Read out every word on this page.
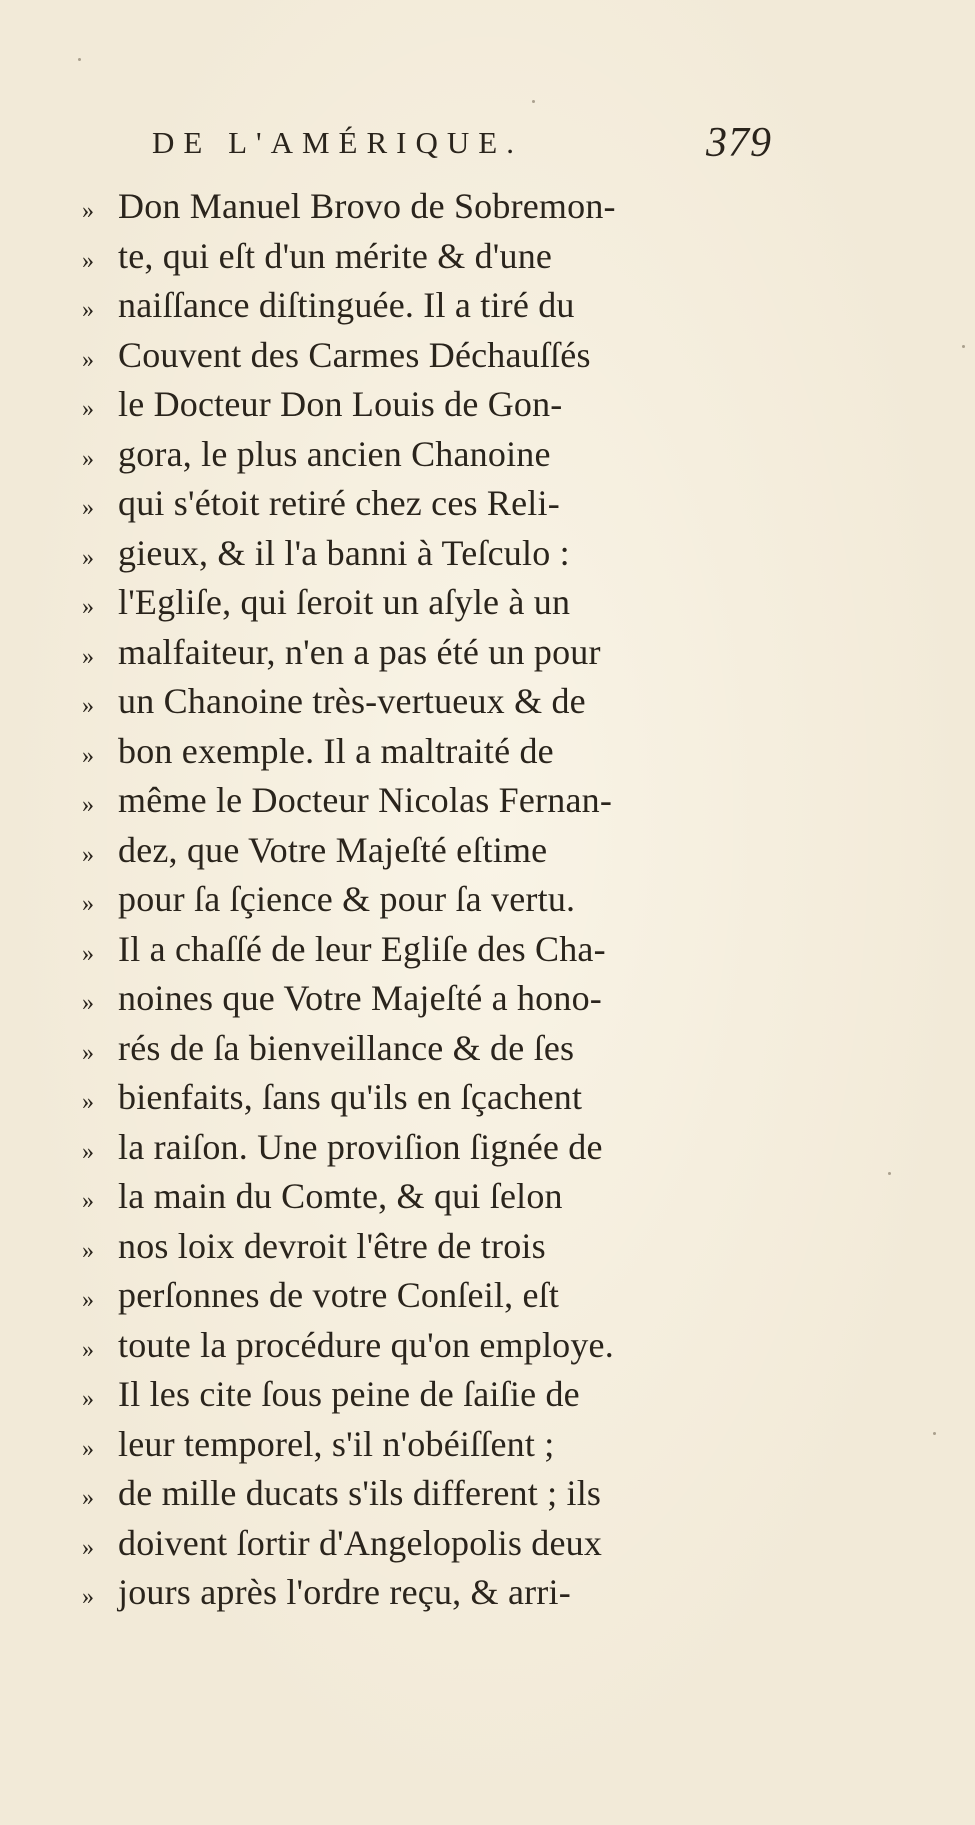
DE L'AMÉRIQUE.	379
» Don Manuel Brovo de Sobremon-
» te, qui eſt d'un mérite & d'une
» naiſſance diſtinguée. Il a tiré du
» Couvent des Carmes Déchauſſés
» le Docteur Don Louis de Gon-
» gora, le plus ancien Chanoine
» qui s'étoit retiré chez ces Reli-
» gieux, & il l'a banni à Teſculo :
» l'Egliſe, qui ſeroit un aſyle à un
» malfaiteur, n'en a pas été un pour
» un Chanoine très-vertueux & de
» bon exemple. Il a maltraité de
» même le Docteur Nicolas Fernan-
» dez, que Votre Majeſté eſtime
» pour ſa ſçience & pour ſa vertu.
» Il a chaſſé de leur Egliſe des Cha-
» noines que Votre Majeſté a hono-
» rés de ſa bienveillance & de ſes
» bienfaits, ſans qu'ils en ſçachent
» la raiſon. Une proviſion ſignée de
» la main du Comte, & qui ſelon
» nos loix devroit l'être de trois
» perſonnes de votre Conſeil, eſt
» toute la procédure qu'on employe.
» Il les cite ſous peine de ſaiſie de
» leur temporel, s'il n'obéiſſent ;
» de mille ducats s'ils different ; ils
» doivent ſortir d'Angelopolis deux
» jours après l'ordre reçu, & arri-
